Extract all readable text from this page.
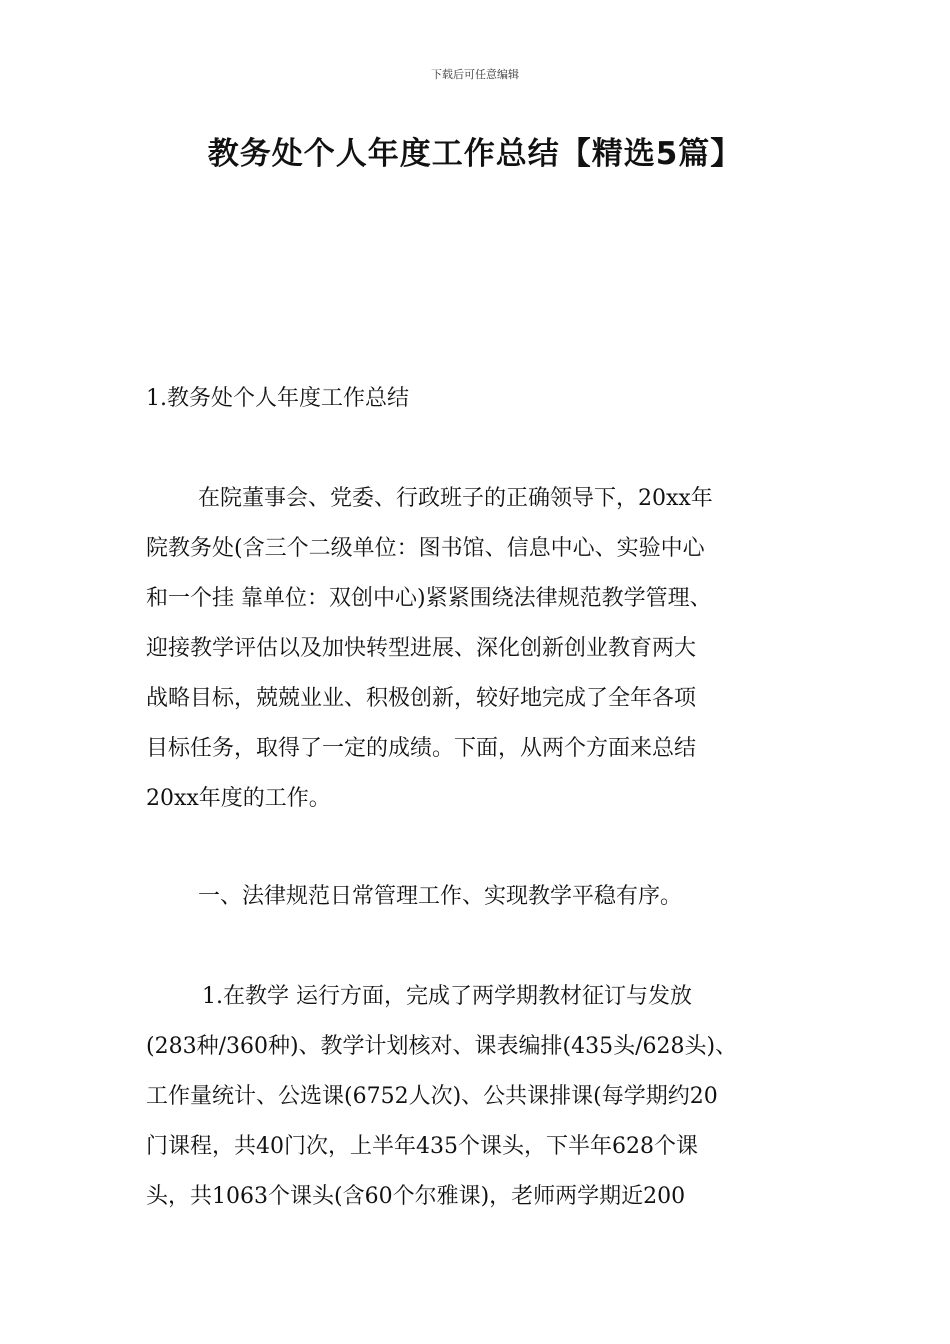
下载后可任意编辑
教务处个人年度工作总结【精选5篇】
1.教务处个人年度工作总结
在院董事会、党委、行政班子的正确领导下，20xx年
院教务处(含三个二级单位：图书馆、信息中心、实验中心
和一个挂 靠单位：双创中心)紧紧围绕法律规范教学管理、
迎接教学评估以及加快转型进展、深化创新创业教育两大
战略目标，兢兢业业、积极创新，较好地完成了全年各项
目标任务，取得了一定的成绩。下面，从两个方面来总结
20xx年度的工作。
一、法律规范日常管理工作、实现教学平稳有序。
1.在教学 运行方面，完成了两学期教材征订与发放
(283种/360种)、教学计划核对、课表编排(435头/628头)、
工作量统计、公选课(6752人次)、公共课排课(每学期约20
门课程，共40门次，上半年435个课头，下半年628个课
头，共1063个课头(含60个尔雅课)，老师两学期近200
